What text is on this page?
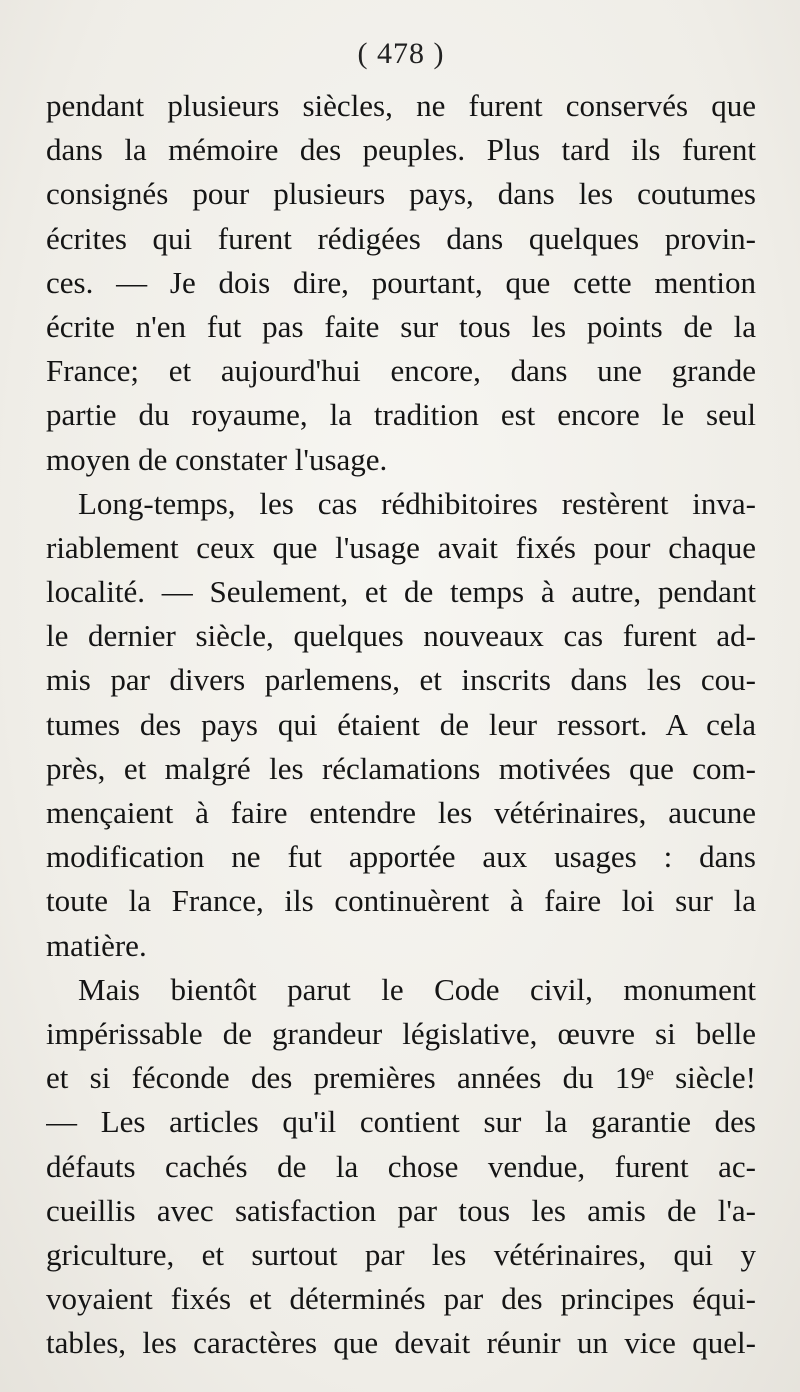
( 478 )

pendant plusieurs siècles, ne furent conservés que
dans la mémoire des peuples. Plus tard ils furent
consignés pour plusieurs pays, dans les coutumes
écrites qui furent rédigées dans quelques provin-
ces. — Je dois dire, pourtant, que cette mention
écrite n'en fut pas faite sur tous les points de la
France; et aujourd'hui encore, dans une grande
partie du royaume, la tradition est encore le seul
moyen de constater l'usage.

Long-temps, les cas rédhibitoires restèrent inva-
riablement ceux que l'usage avait fixés pour chaque
localité. — Seulement, et de temps à autre, pendant
le dernier siècle, quelques nouveaux cas furent ad-
mis par divers parlemens, et inscrits dans les cou-
tumes des pays qui étaient de leur ressort. A cela
près, et malgré les réclamations motivées que com-
mençaient à faire entendre les vétérinaires, aucune
modification ne fut apportée aux usages : dans
toute la France, ils continuèrent à faire loi sur la
matière.

Mais bientôt parut le Code civil, monument
impérissable de grandeur législative, œuvre si belle
et si féconde des premières années du 19ᵉ siècle!
— Les articles qu'il contient sur la garantie des
défauts cachés de la chose vendue, furent ac-
cueillis avec satisfaction par tous les amis de l'a-
griculture, et surtout par les vétérinaires, qui y
voyaient fixés et déterminés par des principes équi-
tables, les caractères que devait réunir un vice quel-
